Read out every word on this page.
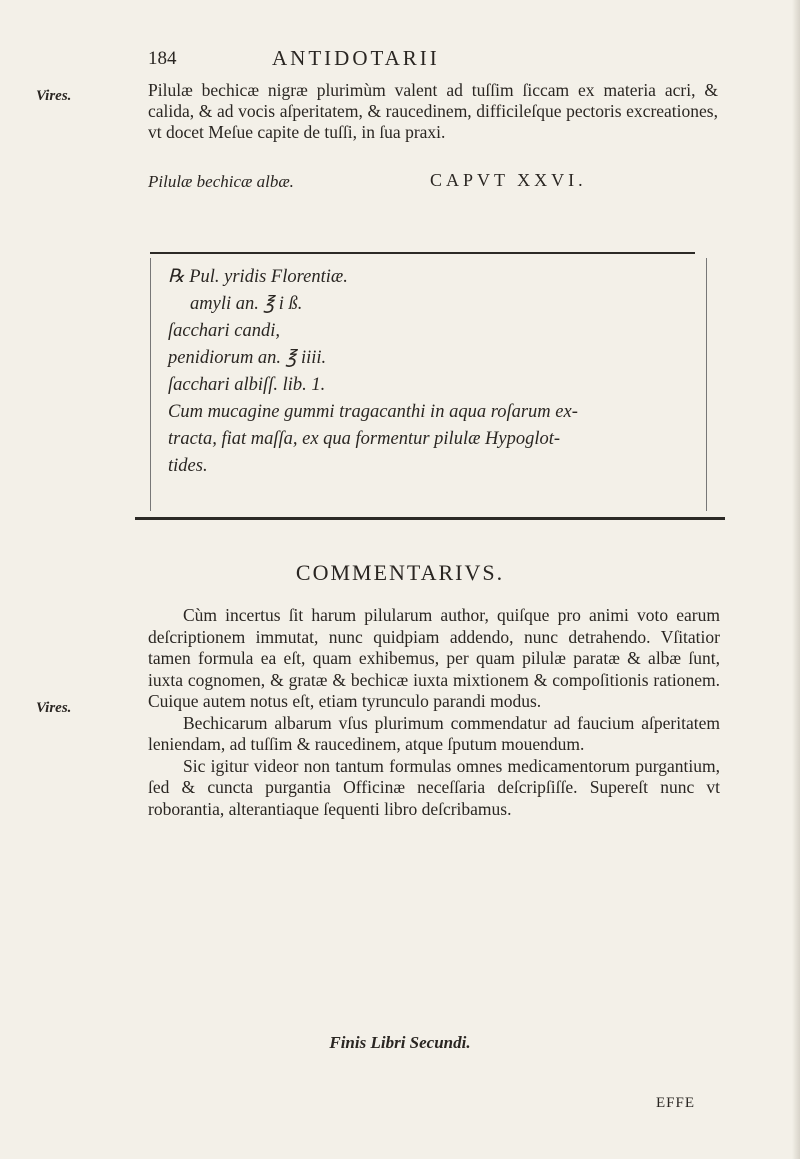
184	ANTIDOTARII
Vires.
Vires.

Pilulæ bechicæ nigræ plurimùm valent ad tuſſim ſiccam ex materia acri, & calida, & ad vocis aſperitatem, & raucedinem, difficileſque pectoris excreationes, vt docet Meſue capite de tuſſi, in ſua praxi.

Pilulæ bechicæ albæ.	CAPVT XXVI.
℞ Pul. yridis Florentiæ.
amyli an. ℥ i ß.
ſacchari candi,
penidiorum an. ℥ iiii.
ſacchari albiſſ. lib. 1.
Cum mucagine gummi tragacanthi in aqua roſarum ex-
tracta, fiat maſſa, ex qua formentur pilulæ Hypoglot-
tides.
COMMENTARIVS.

Cùm incertus ſit harum pilularum author, quiſque pro animi voto earum deſcriptionem immutat, nunc quidpiam addendo, nunc detrahendo. Vſitatior tamen formula ea eſt, quam exhibemus, per quam pilulæ paratæ & albæ ſunt, iuxta cognomen, & gratæ & bechicæ iuxta mixtionem & compoſitionis rationem. Cuique autem notus eſt, etiam tyrunculo parandi modus.

Bechicarum albarum vſus plurimum commendatur ad faucium aſperitatem leniendam, ad tuſſim & raucedinem, atque ſputum mouendum.

Sic igitur videor non tantum formulas omnes medicamentorum purgantium, ſed & cuncta purgantia Officinæ neceſſaria deſcripſiſſe. Supereſt nunc vt roborantia, alterantiaque ſequenti libro deſcribamus.

Finis Libri Secundi.
EFFE
